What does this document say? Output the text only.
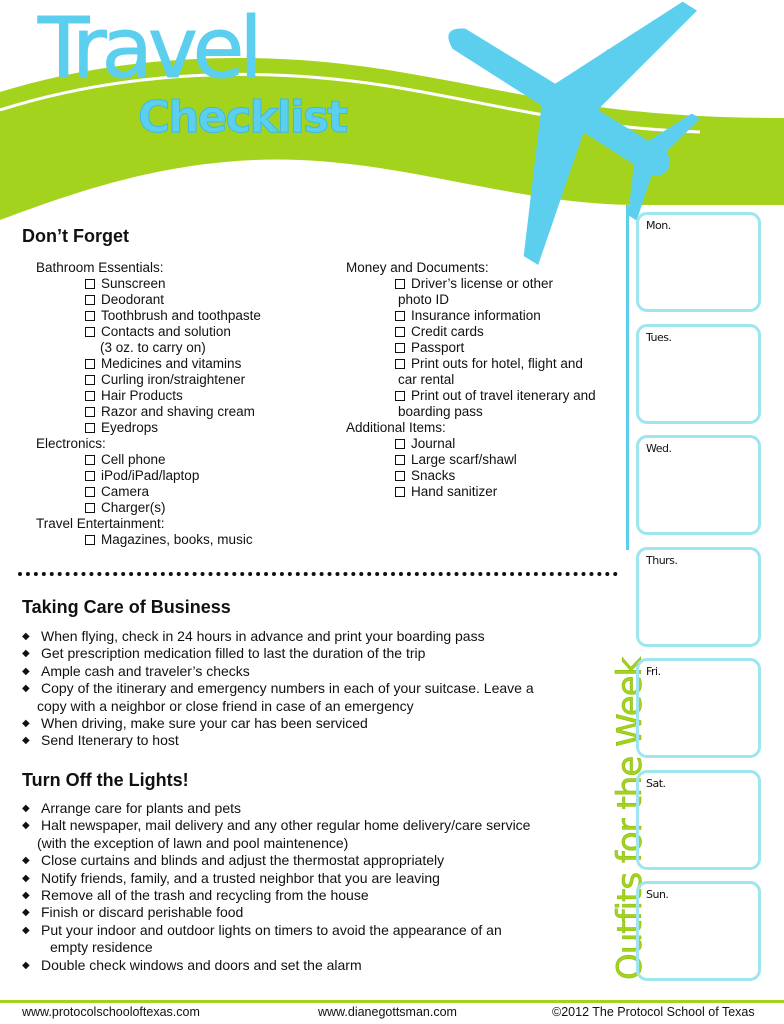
Travel
Checklist
Don’t Forget
Bathroom Essentials:
Sunscreen
Deodorant
Toothbrush and toothpaste
Contacts and solution
(3 oz. to carry on)
Medicines and vitamins
Curling iron/straightener
Hair Products
Razor and shaving cream
Eyedrops
Electronics:
Cell phone
iPod/iPad/laptop
Camera
Charger(s)
Travel Entertainment:
Magazines, books, music
Money and Documents:
Driver’s license or other
photo ID
Insurance information
Credit cards
Passport
Print outs for hotel, flight and
car rental
Print out of travel itenerary and
boarding pass
Additional Items:
Journal
Large scarf/shawl
Snacks
Hand sanitizer
Taking Care of Business
◆ When flying, check in 24 hours in advance and print your boarding pass
◆ Get prescription medication filled to last the duration of the trip
◆ Ample cash and traveler’s checks
◆ Copy of the itinerary and emergency numbers in each of your suitcase. Leave a
copy with a neighbor or close friend in case of an emergency
◆ When driving, make sure your car has been serviced
◆ Send Itenerary to host
Turn Off the Lights!
◆ Arrange care for plants and pets
◆ Halt newspaper, mail delivery and any other regular home delivery/care service
(with the exception of lawn and pool maintenence)
◆ Close curtains and blinds and adjust the thermostat appropriately
◆ Notify friends, family, and a trusted neighbor that you are leaving
◆ Remove all of the trash and recycling from the house
◆ Finish or discard perishable food
◆ Put your indoor and outdoor lights on timers to avoid the appearance of an
empty residence
◆ Double check windows and doors and set the alarm	Outfits for the Week
Mon.
Tues.
Wed.
Thurs.
Fri.
Sat.
Sun.
www.protocolschooloftexas.com	www.dianegottsman.com	©2012 The Protocol School of Texas
